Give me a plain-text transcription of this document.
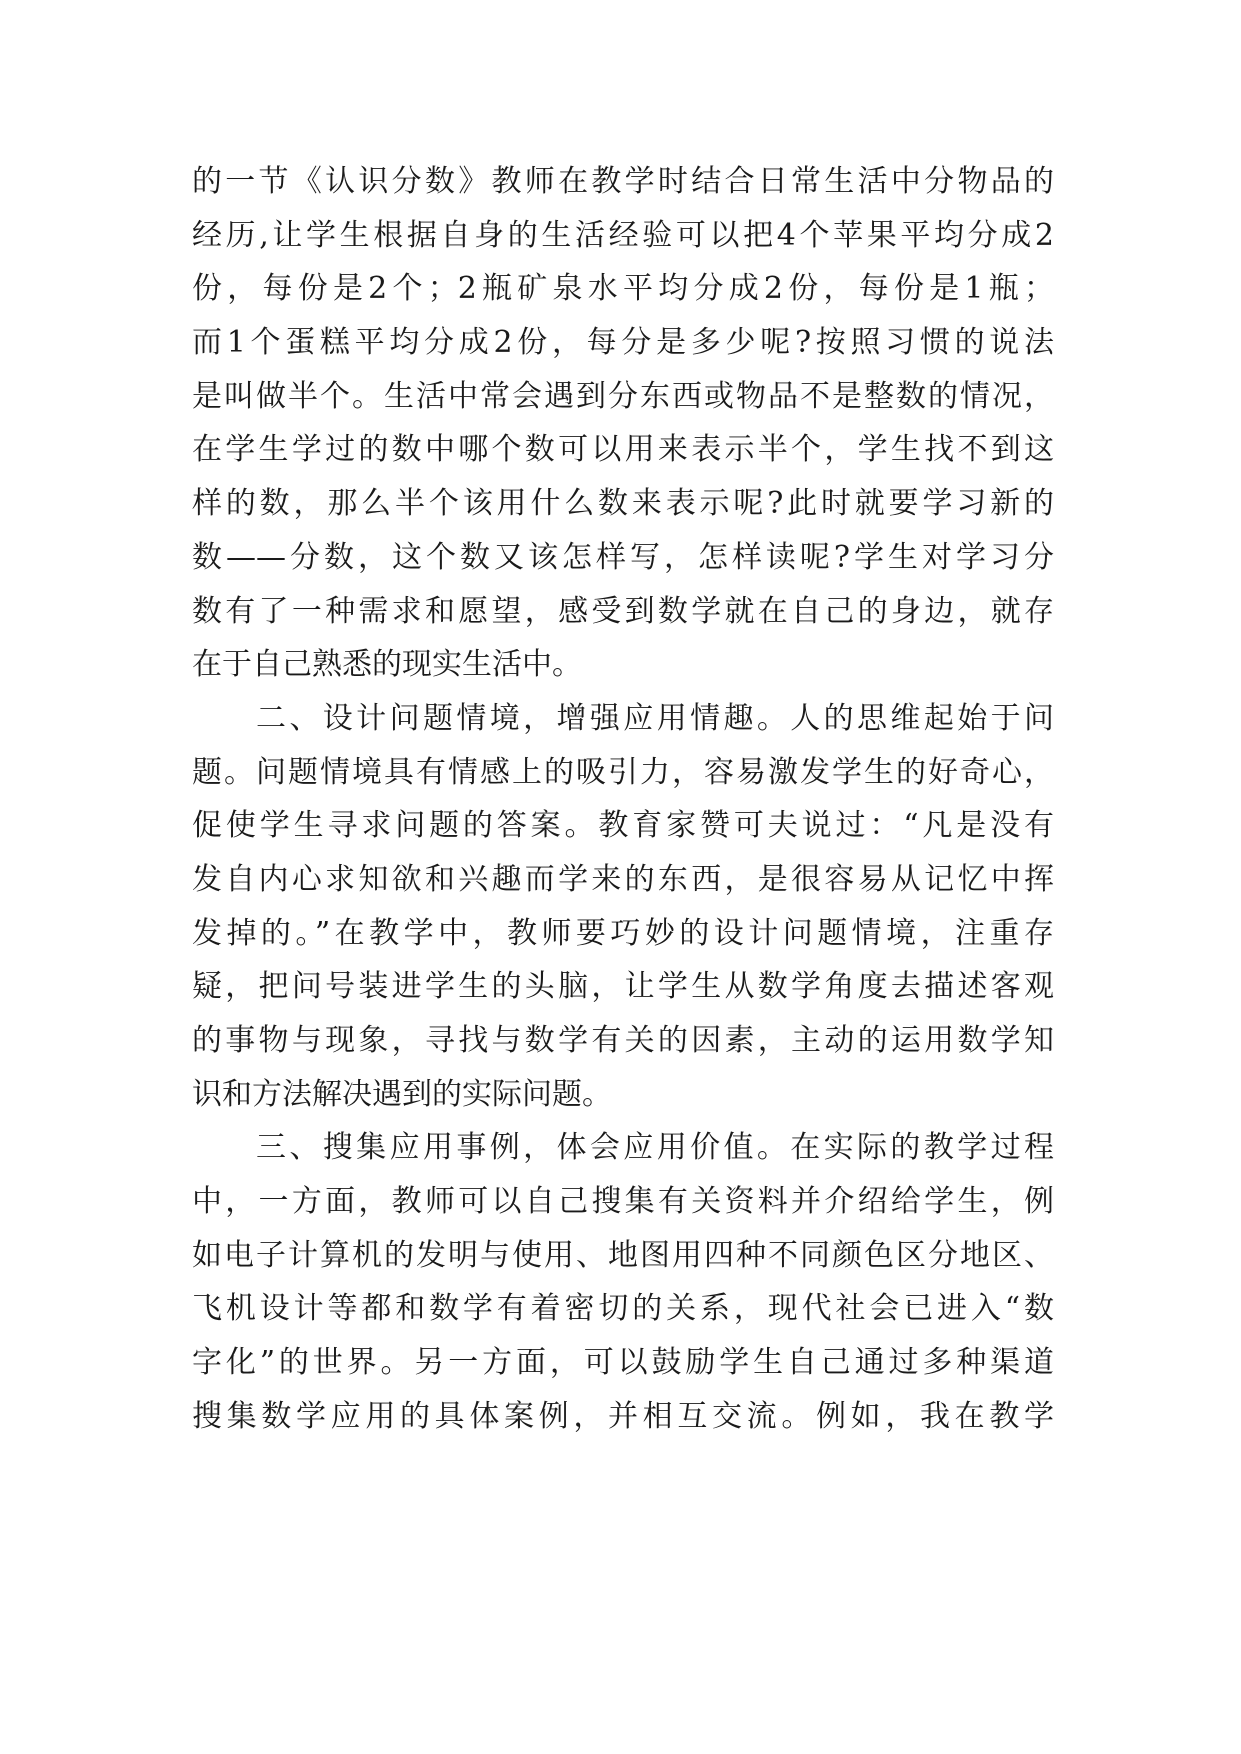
的一节《认识分数》教师在教学时结合日常生活中分物品的
经历,让学生根据自身的生活经验可以把4个苹果平均分成2
份，每份是2个；2瓶矿泉水平均分成2份，每份是1瓶；
而1个蛋糕平均分成2份，每分是多少呢?按照习惯的说法
是叫做半个。生活中常会遇到分东西或物品不是整数的情况，
在学生学过的数中哪个数可以用来表示半个，学生找不到这
样的数，那么半个该用什么数来表示呢?此时就要学习新的
数——分数，这个数又该怎样写，怎样读呢?学生对学习分
数有了一种需求和愿望，感受到数学就在自己的身边，就存
在于自己熟悉的现实生活中。
二、设计问题情境，增强应用情趣。人的思维起始于问
题。问题情境具有情感上的吸引力，容易激发学生的好奇心，
促使学生寻求问题的答案。教育家赞可夫说过：“凡是没有
发自内心求知欲和兴趣而学来的东西，是很容易从记忆中挥
发掉的。”在教学中，教师要巧妙的设计问题情境，注重存
疑，把问号装进学生的头脑，让学生从数学角度去描述客观
的事物与现象，寻找与数学有关的因素，主动的运用数学知
识和方法解决遇到的实际问题。
三、搜集应用事例，体会应用价值。在实际的教学过程
中，一方面，教师可以自己搜集有关资料并介绍给学生，例
如电子计算机的发明与使用、地图用四种不同颜色区分地区、
飞机设计等都和数学有着密切的关系，现代社会已进入“数
字化”的世界。另一方面，可以鼓励学生自己通过多种渠道
搜集数学应用的具体案例，并相互交流。例如，我在教学
